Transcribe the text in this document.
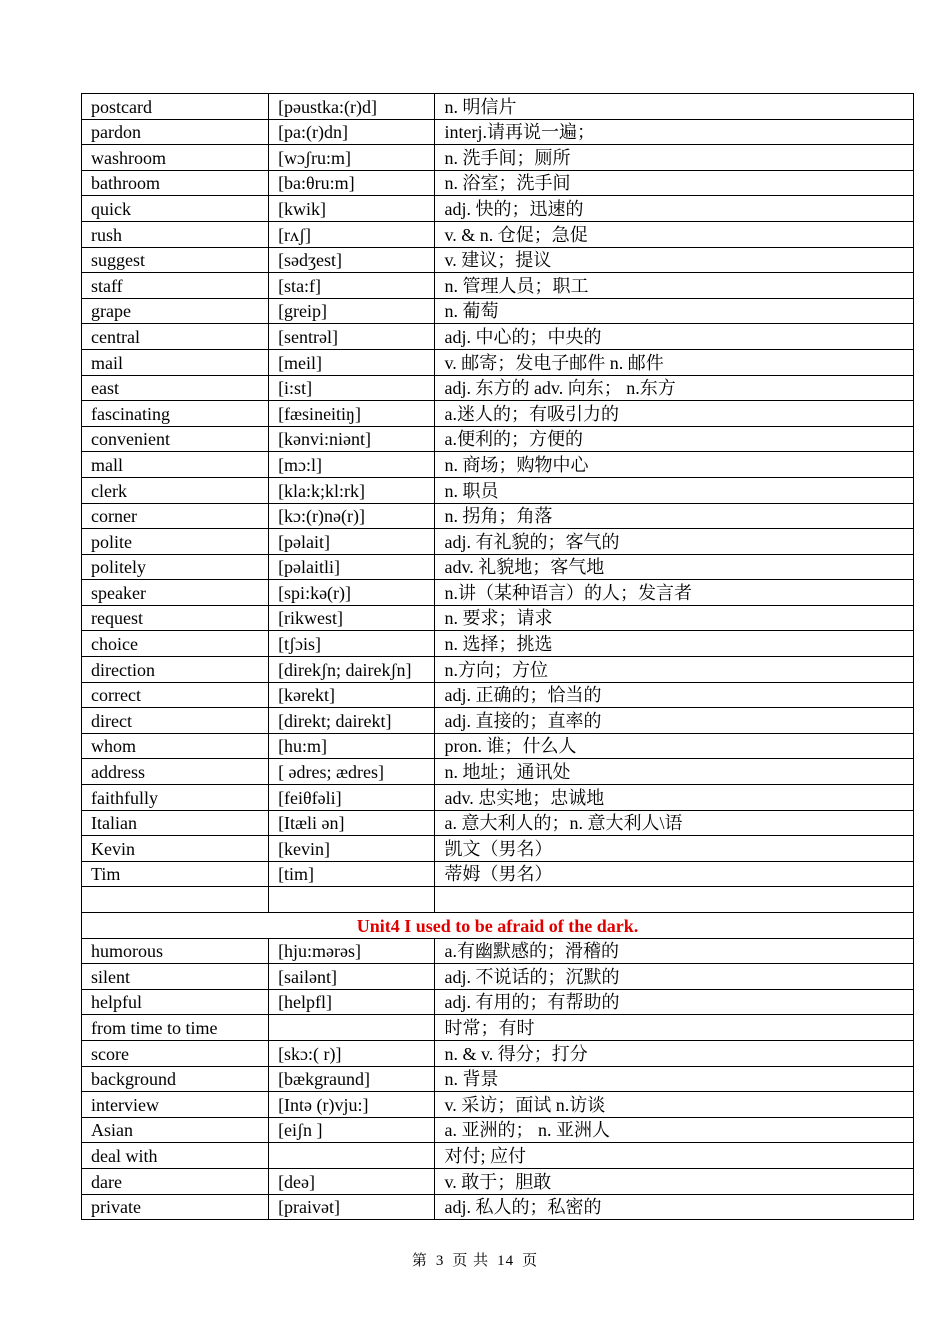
postcard	[pəustka:(r)d]	n. 明信片
pardon	[pa:(r)dn]	interj.请再说一遍；
washroom	[wɔʃru:m]	n. 洗手间；厕所
bathroom	[ba:θru:m]	n. 浴室；洗手间
quick	[kwik]	adj. 快的；迅速的
rush	[rʌʃ]	v. & n. 仓促；急促
suggest	[sədʒest]	v. 建议；提议
staff	[sta:f]	n. 管理人员；职工
grape	[greip]	n. 葡萄
central	[sentrəl]	adj. 中心的；中央的
mail	[meil]	v. 邮寄；发电子邮件 n. 邮件
east	[i:st]	adj. 东方的 adv. 向东； n.东方
fascinating	[fæsineitiŋ]	a.迷人的；有吸引力的
convenient	[kənvi:niənt]	a.便利的；方便的
mall	[mɔ:l]	n. 商场；购物中心
clerk	[kla:k;kl:rk]	n. 职员
corner	[kɔ:(r)nə(r)]	n. 拐角；角落
polite	[pəlait]	adj. 有礼貌的；客气的
politely	[pəlaitli]	adv. 礼貌地；客气地
speaker	[spi:kə(r)]	n.讲（某种语言）的人；发言者
request	[rikwest]	n. 要求；请求
choice	[tʃɔis]	n. 选择；挑选
direction	[direkʃn; dairekʃn]	n.方向；方位
correct	[kərekt]	adj. 正确的；恰当的
direct	[direkt; dairekt]	adj. 直接的；直率的
whom	[hu:m]	pron. 谁；什么人
address	[ ədres; ædres]	n. 地址；通讯处
faithfully	[feiθfəli]	adv. 忠实地；忠诚地
Italian	[Itæli ən]	a. 意大利人的；n. 意大利人\语
Kevin	[kevin]	凯文（男名）
Tim	[tim]	蒂姆（男名）

Unit4 I used to be afraid of the dark.		
humorous	[hju:mərəs]	a.有幽默感的；滑稽的
silent	[sailənt]	adj. 不说话的；沉默的
helpful	[helpfl]	adj. 有用的；有帮助的
from time to time		时常；有时
score	[skɔ:( r)]	n. & v. 得分；打分
background	[bækgraund]	n. 背景
interview	[Intə (r)vju:]	v. 采访；面试 n.访谈
Asian	[eiʃn ]	a. 亚洲的； n. 亚洲人
deal with		对付; 应付
dare	[deə]	v. 敢于；胆敢
private	[praivət]	adj. 私人的；私密的
第 3 页 共 14 页
